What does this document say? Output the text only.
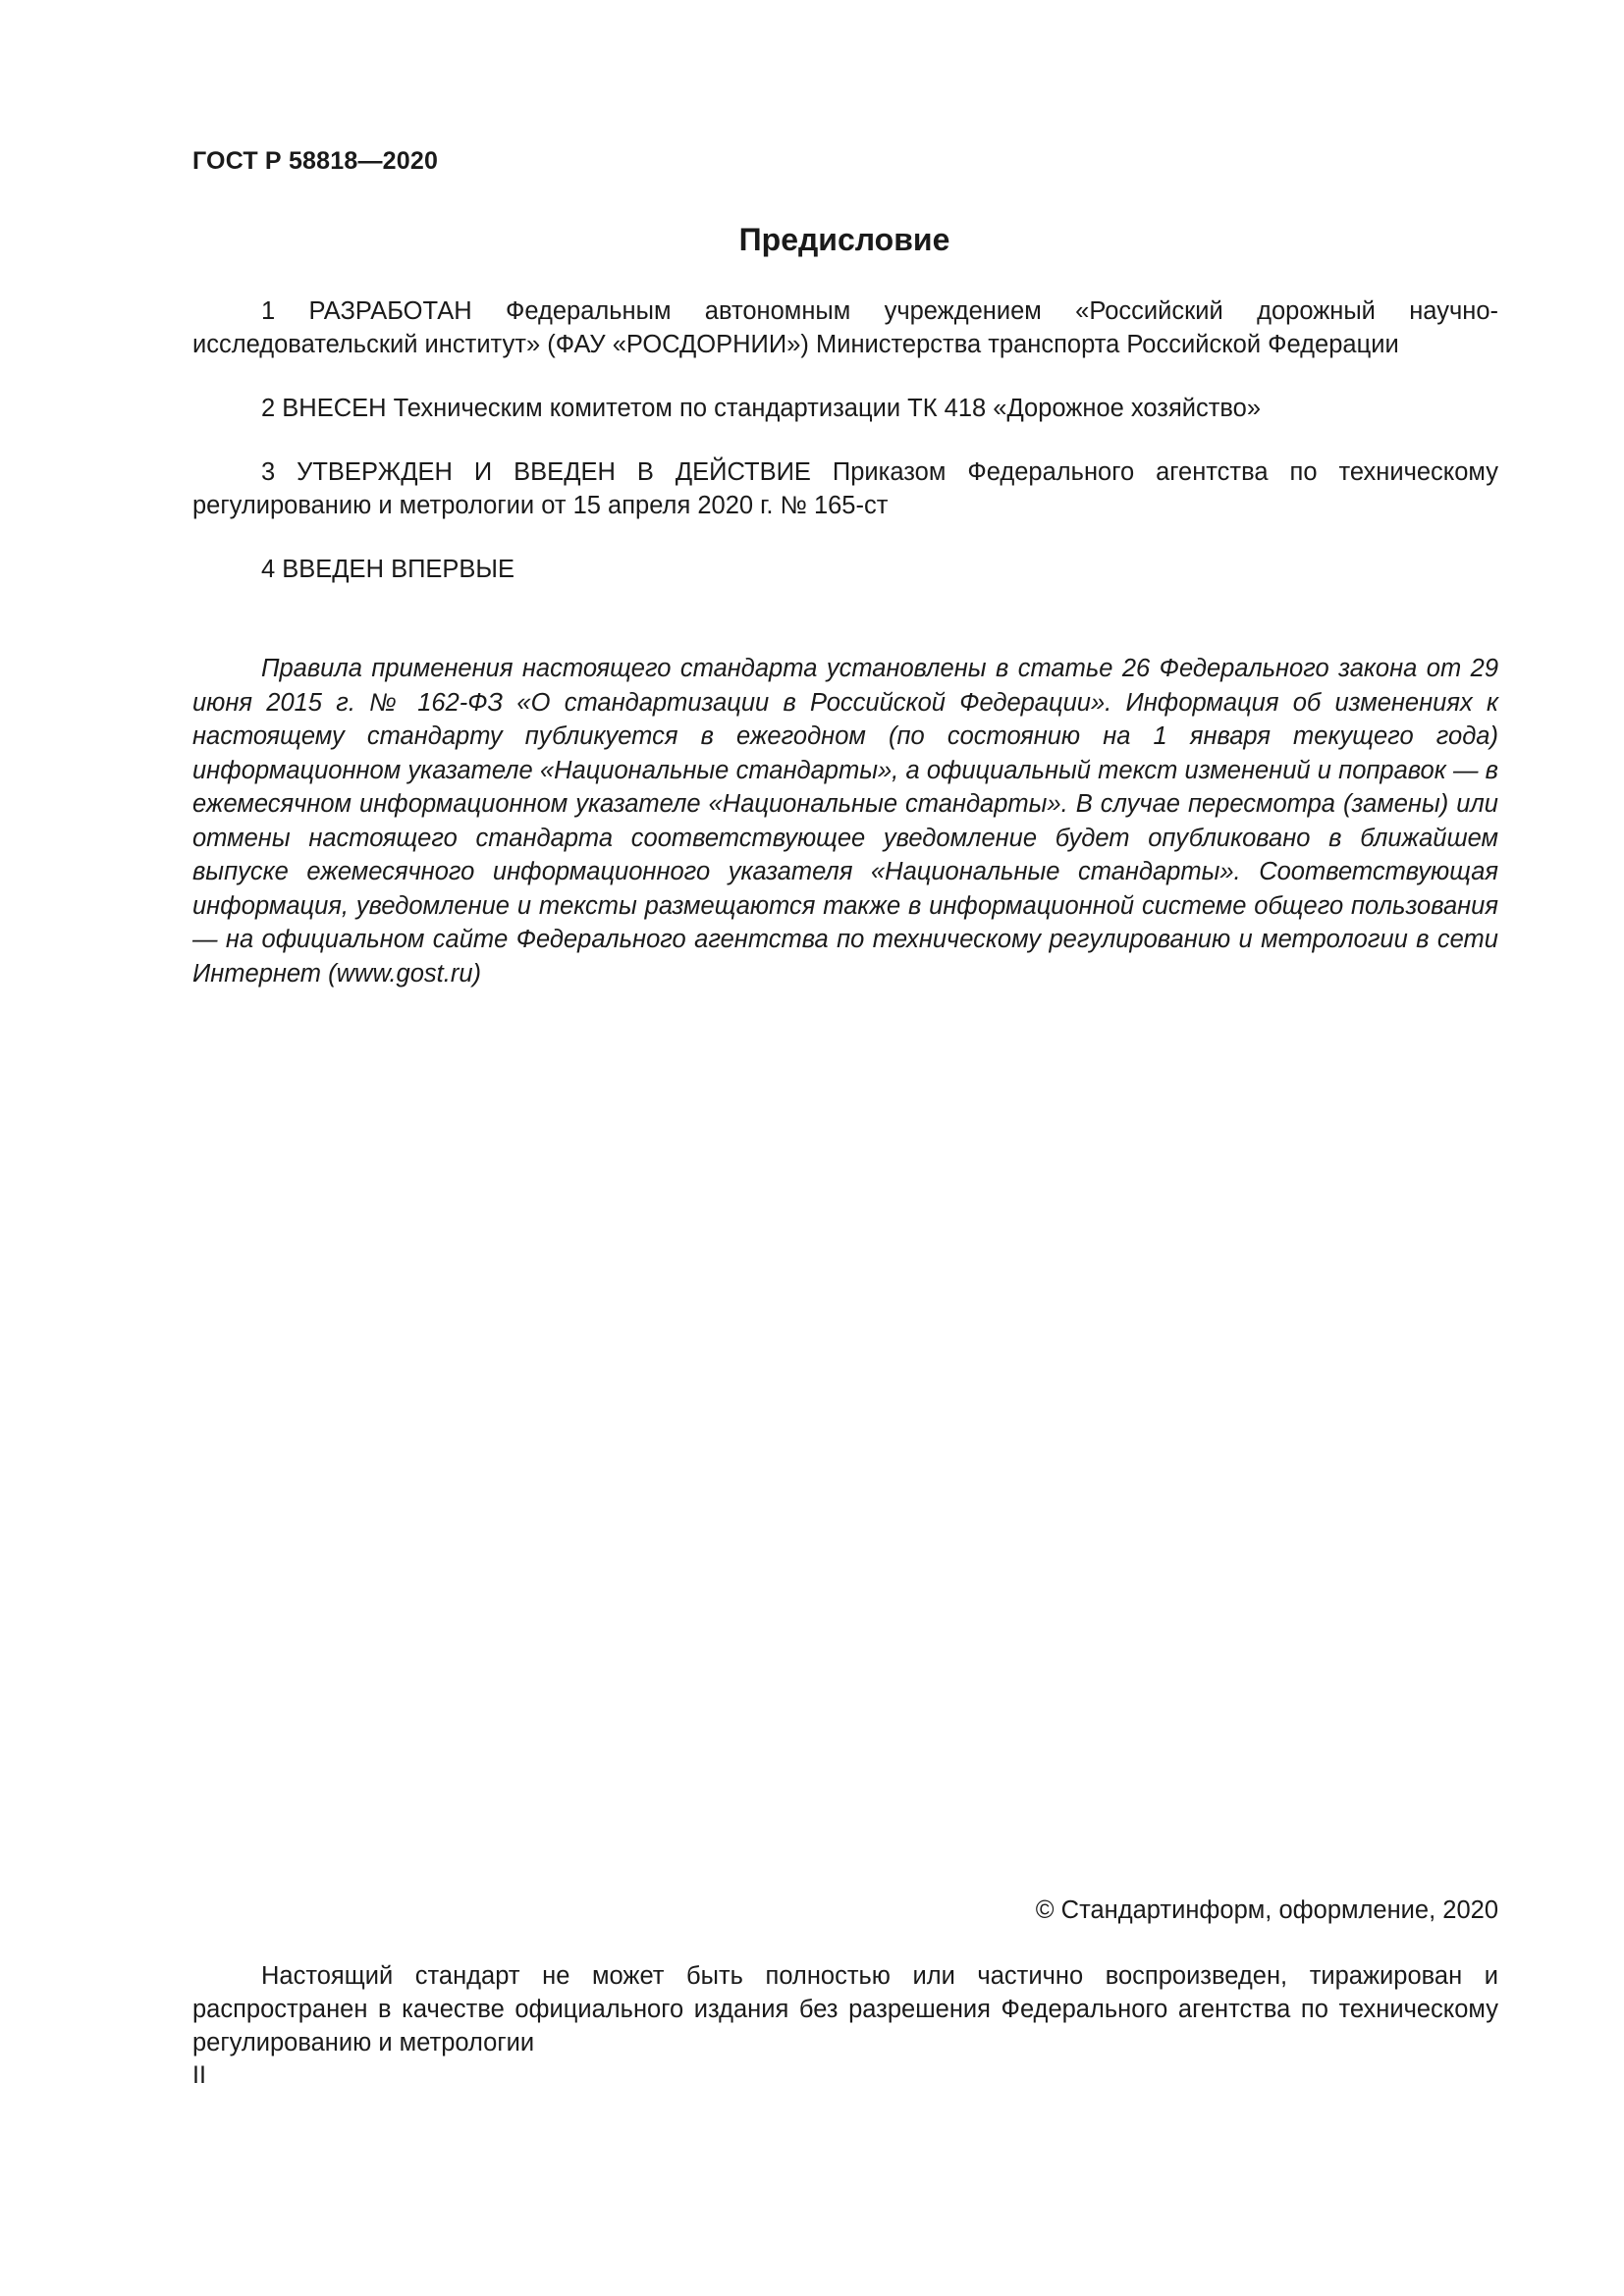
ГОСТ Р 58818—2020
Предисловие

1 РАЗРАБОТАН Федеральным автономным учреждением «Российский дорожный научно-исследовательский институт» (ФАУ «РОСДОРНИИ») Министерства транспорта Российской Федерации

2 ВНЕСЕН Техническим комитетом по стандартизации ТК 418 «Дорожное хозяйство»

3 УТВЕРЖДЕН И ВВЕДЕН В ДЕЙСТВИЕ Приказом Федерального агентства по техническому регулированию и метрологии от 15 апреля 2020 г. № 165-ст

4 ВВЕДЕН ВПЕРВЫЕ

Правила применения настоящего стандарта установлены в статье 26 Федерального закона от 29 июня 2015 г. № 162-ФЗ «О стандартизации в Российской Федерации». Информация об изменениях к настоящему стандарту публикуется в ежегодном (по состоянию на 1 января текущего года) информационном указателе «Национальные стандарты», а официальный текст изменений и поправок — в ежемесячном информационном указателе «Национальные стандарты». В случае пересмотра (замены) или отмены настоящего стандарта соответствующее уведомление будет опубликовано в ближайшем выпуске ежемесячного информационного указателя «Национальные стандарты». Соответствующая информация, уведомление и тексты размещаются также в информационной системе общего пользования — на официальном сайте Федерального агентства по техническому регулированию и метрологии в сети Интернет (www.gost.ru)

© Стандартинформ, оформление, 2020

Настоящий стандарт не может быть полностью или частично воспроизведен, тиражирован и распространен в качестве официального издания без разрешения Федерального агентства по техническому регулированию и метрологии

II
